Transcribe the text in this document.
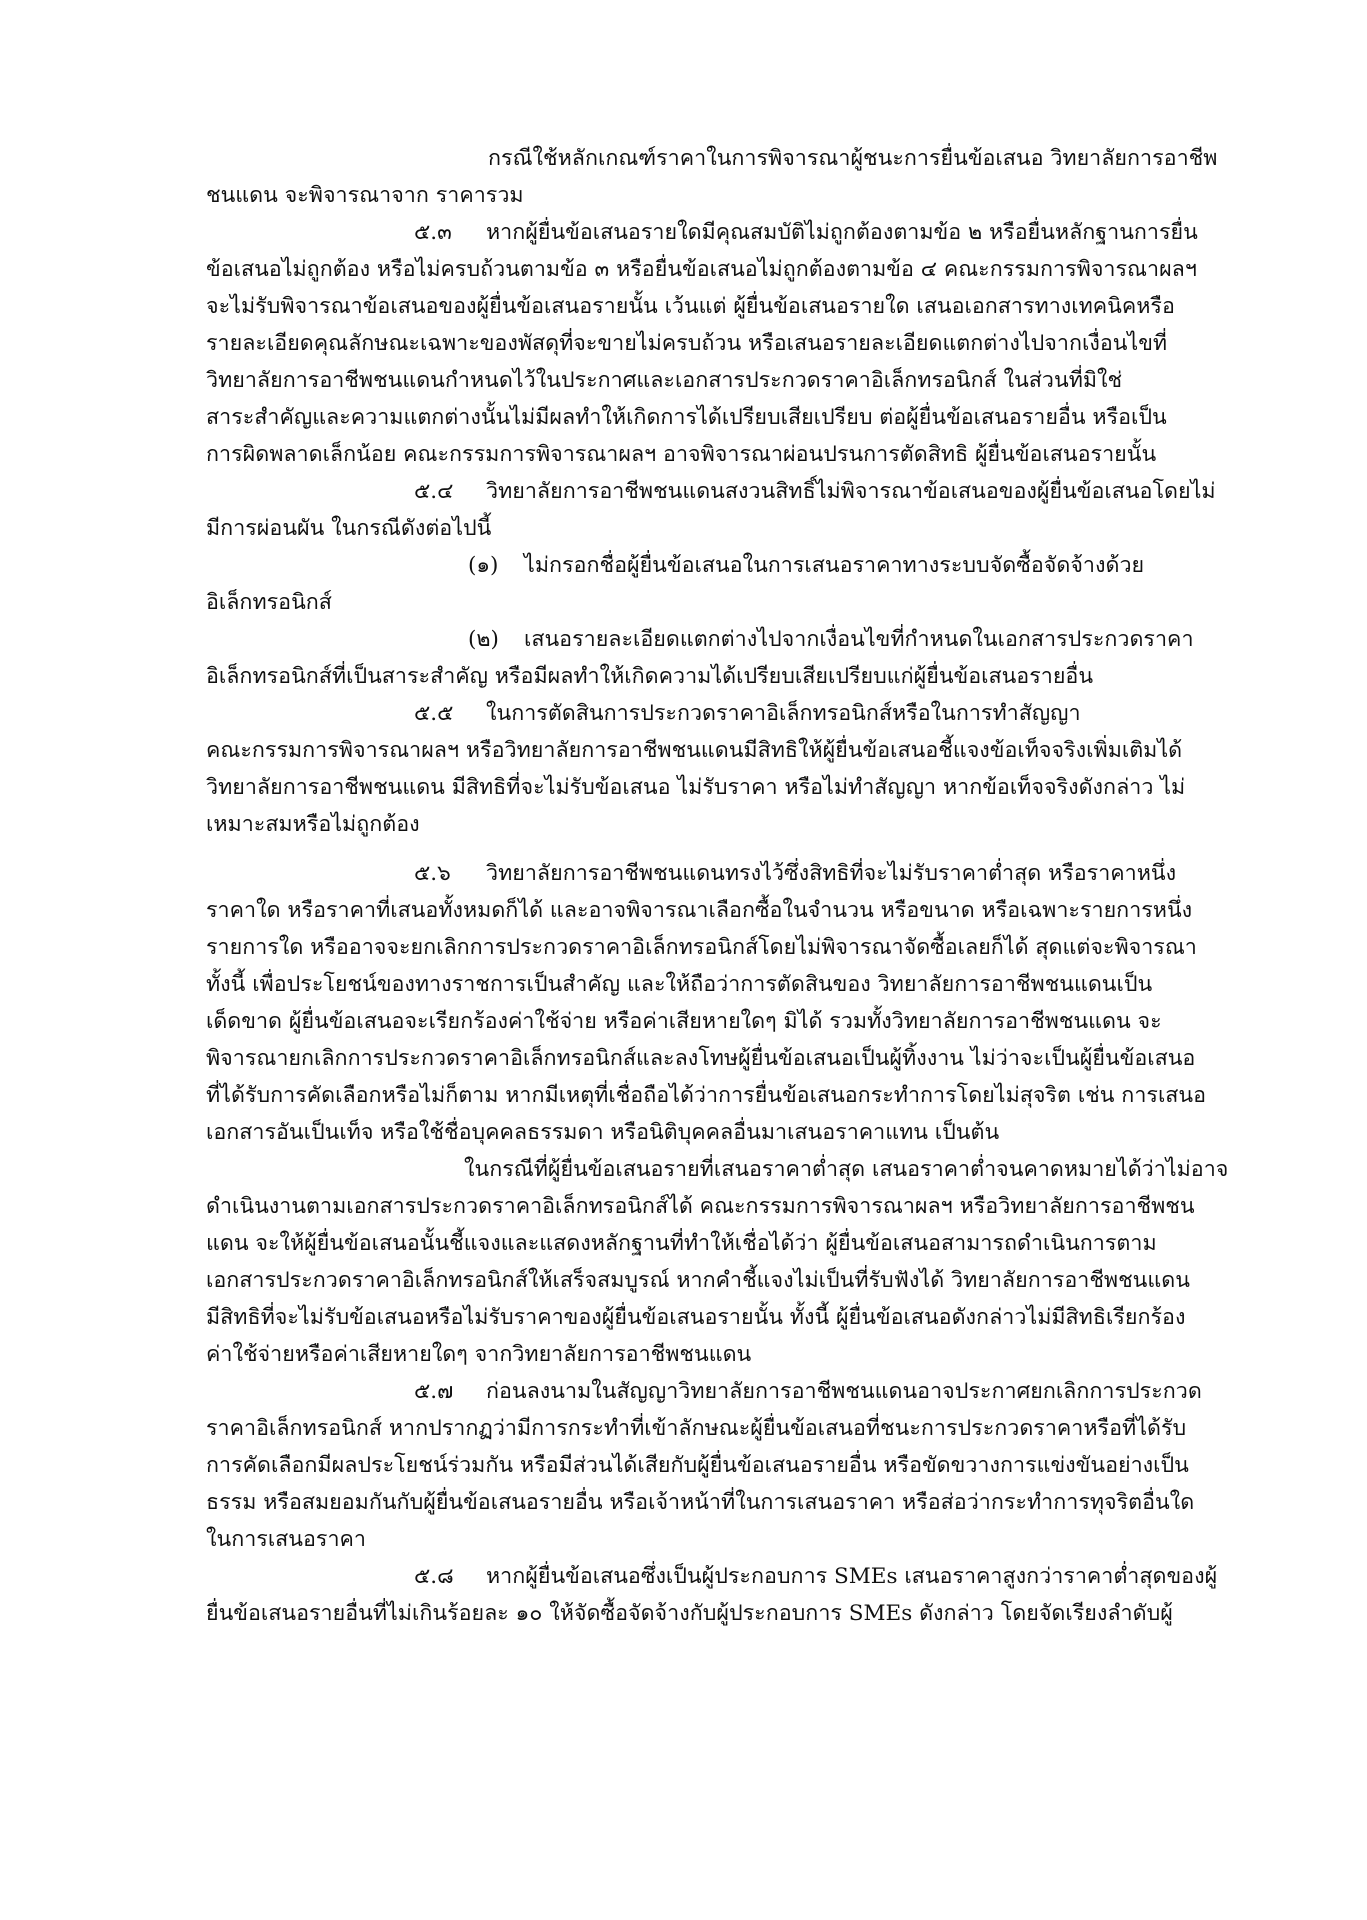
กรณีใช้หลักเกณฑ์ราคาในการพิจารณาผู้ชนะการยื่นข้อเสนอ วิทยาลัยการอาชีพ
ชนแดน จะพิจารณาจาก ราคารวม
๕.๓ หากผู้ยื่นข้อเสนอรายใดมีคุณสมบัติไม่ถูกต้องตามข้อ ๒ หรือยื่นหลักฐานการยื่น
ข้อเสนอไม่ถูกต้อง หรือไม่ครบถ้วนตามข้อ ๓ หรือยื่นข้อเสนอไม่ถูกต้องตามข้อ ๔ คณะกรรมการพิจารณาผลฯ
จะไม่รับพิจารณาข้อเสนอของผู้ยื่นข้อเสนอรายนั้น เว้นแต่ ผู้ยื่นข้อเสนอรายใด เสนอเอกสารทางเทคนิคหรือ
รายละเอียดคุณลักษณะเฉพาะของพัสดุที่จะขายไม่ครบถ้วน หรือเสนอรายละเอียดแตกต่างไปจากเงื่อนไขที่
วิทยาลัยการอาชีพชนแดนกำหนดไว้ในประกาศและเอกสารประกวดราคาอิเล็กทรอนิกส์ ในส่วนที่มิใช่
สาระสำคัญและความแตกต่างนั้นไม่มีผลทำให้เกิดการได้เปรียบเสียเปรียบ ต่อผู้ยื่นข้อเสนอรายอื่น หรือเป็น
การผิดพลาดเล็กน้อย คณะกรรมการพิจารณาผลฯ อาจพิจารณาผ่อนปรนการตัดสิทธิ ผู้ยื่นข้อเสนอรายนั้น
๕.๔ วิทยาลัยการอาชีพชนแดนสงวนสิทธิ์ไม่พิจารณาข้อเสนอของผู้ยื่นข้อเสนอโดยไม่
มีการผ่อนผัน ในกรณีดังต่อไปนี้
(๑) ไม่กรอกชื่อผู้ยื่นข้อเสนอในการเสนอราคาทางระบบจัดซื้อจัดจ้างด้วย
อิเล็กทรอนิกส์
(๒) เสนอรายละเอียดแตกต่างไปจากเงื่อนไขที่กำหนดในเอกสารประกวดราคา
อิเล็กทรอนิกส์ที่เป็นสาระสำคัญ หรือมีผลทำให้เกิดความได้เปรียบเสียเปรียบแก่ผู้ยื่นข้อเสนอรายอื่น
๕.๕ ในการตัดสินการประกวดราคาอิเล็กทรอนิกส์หรือในการทำสัญญา
คณะกรรมการพิจารณาผลฯ หรือวิทยาลัยการอาชีพชนแดนมีสิทธิให้ผู้ยื่นข้อเสนอชี้แจงข้อเท็จจริงเพิ่มเติมได้
วิทยาลัยการอาชีพชนแดน มีสิทธิที่จะไม่รับข้อเสนอ ไม่รับราคา หรือไม่ทำสัญญา หากข้อเท็จจริงดังกล่าว ไม่
เหมาะสมหรือไม่ถูกต้อง
๕.๖ วิทยาลัยการอาชีพชนแดนทรงไว้ซึ่งสิทธิที่จะไม่รับราคาต่ำสุด หรือราคาหนึ่ง
ราคาใด หรือราคาที่เสนอทั้งหมดก็ได้ และอาจพิจารณาเลือกซื้อในจำนวน หรือขนาด หรือเฉพาะรายการหนึ่ง
รายการใด หรืออาจจะยกเลิกการประกวดราคาอิเล็กทรอนิกส์โดยไม่พิจารณาจัดซื้อเลยก็ได้ สุดแต่จะพิจารณา
ทั้งนี้ เพื่อประโยชน์ของทางราชการเป็นสำคัญ และให้ถือว่าการตัดสินของ วิทยาลัยการอาชีพชนแดนเป็น
เด็ดขาด ผู้ยื่นข้อเสนอจะเรียกร้องค่าใช้จ่าย หรือค่าเสียหายใดๆ มิได้ รวมทั้งวิทยาลัยการอาชีพชนแดน จะ
พิจารณายกเลิกการประกวดราคาอิเล็กทรอนิกส์และลงโทษผู้ยื่นข้อเสนอเป็นผู้ทิ้งงาน ไม่ว่าจะเป็นผู้ยื่นข้อเสนอ
ที่ได้รับการคัดเลือกหรือไม่ก็ตาม หากมีเหตุที่เชื่อถือได้ว่าการยื่นข้อเสนอกระทำการโดยไม่สุจริต เช่น การเสนอ
เอกสารอันเป็นเท็จ หรือใช้ชื่อบุคคลธรรมดา หรือนิติบุคคลอื่นมาเสนอราคาแทน เป็นต้น
ในกรณีที่ผู้ยื่นข้อเสนอรายที่เสนอราคาต่ำสุด เสนอราคาต่ำจนคาดหมายได้ว่าไม่อาจ
ดำเนินงานตามเอกสารประกวดราคาอิเล็กทรอนิกส์ได้ คณะกรรมการพิจารณาผลฯ หรือวิทยาลัยการอาชีพชน
แดน จะให้ผู้ยื่นข้อเสนอนั้นชี้แจงและแสดงหลักฐานที่ทำให้เชื่อได้ว่า ผู้ยื่นข้อเสนอสามารถดำเนินการตาม
เอกสารประกวดราคาอิเล็กทรอนิกส์ให้เสร็จสมบูรณ์ หากคำชี้แจงไม่เป็นที่รับฟังได้ วิทยาลัยการอาชีพชนแดน
มีสิทธิที่จะไม่รับข้อเสนอหรือไม่รับราคาของผู้ยื่นข้อเสนอรายนั้น ทั้งนี้ ผู้ยื่นข้อเสนอดังกล่าวไม่มีสิทธิเรียกร้อง
ค่าใช้จ่ายหรือค่าเสียหายใดๆ จากวิทยาลัยการอาชีพชนแดน
๕.๗ ก่อนลงนามในสัญญาวิทยาลัยการอาชีพชนแดนอาจประกาศยกเลิกการประกวด
ราคาอิเล็กทรอนิกส์ หากปรากฏว่ามีการกระทำที่เข้าลักษณะผู้ยื่นข้อเสนอที่ชนะการประกวดราคาหรือที่ได้รับ
การคัดเลือกมีผลประโยชน์ร่วมกัน หรือมีส่วนได้เสียกับผู้ยื่นข้อเสนอรายอื่น หรือขัดขวางการแข่งขันอย่างเป็น
ธรรม หรือสมยอมกันกับผู้ยื่นข้อเสนอรายอื่น หรือเจ้าหน้าที่ในการเสนอราคา หรือส่อว่ากระทำการทุจริตอื่นใด
ในการเสนอราคา
๕.๘ หากผู้ยื่นข้อเสนอซึ่งเป็นผู้ประกอบการ SMEs เสนอราคาสูงกว่าราคาต่ำสุดของผู้
ยื่นข้อเสนอรายอื่นที่ไม่เกินร้อยละ ๑๐ ให้จัดซื้อจัดจ้างกับผู้ประกอบการ SMEs ดังกล่าว โดยจัดเรียงลำดับผู้
